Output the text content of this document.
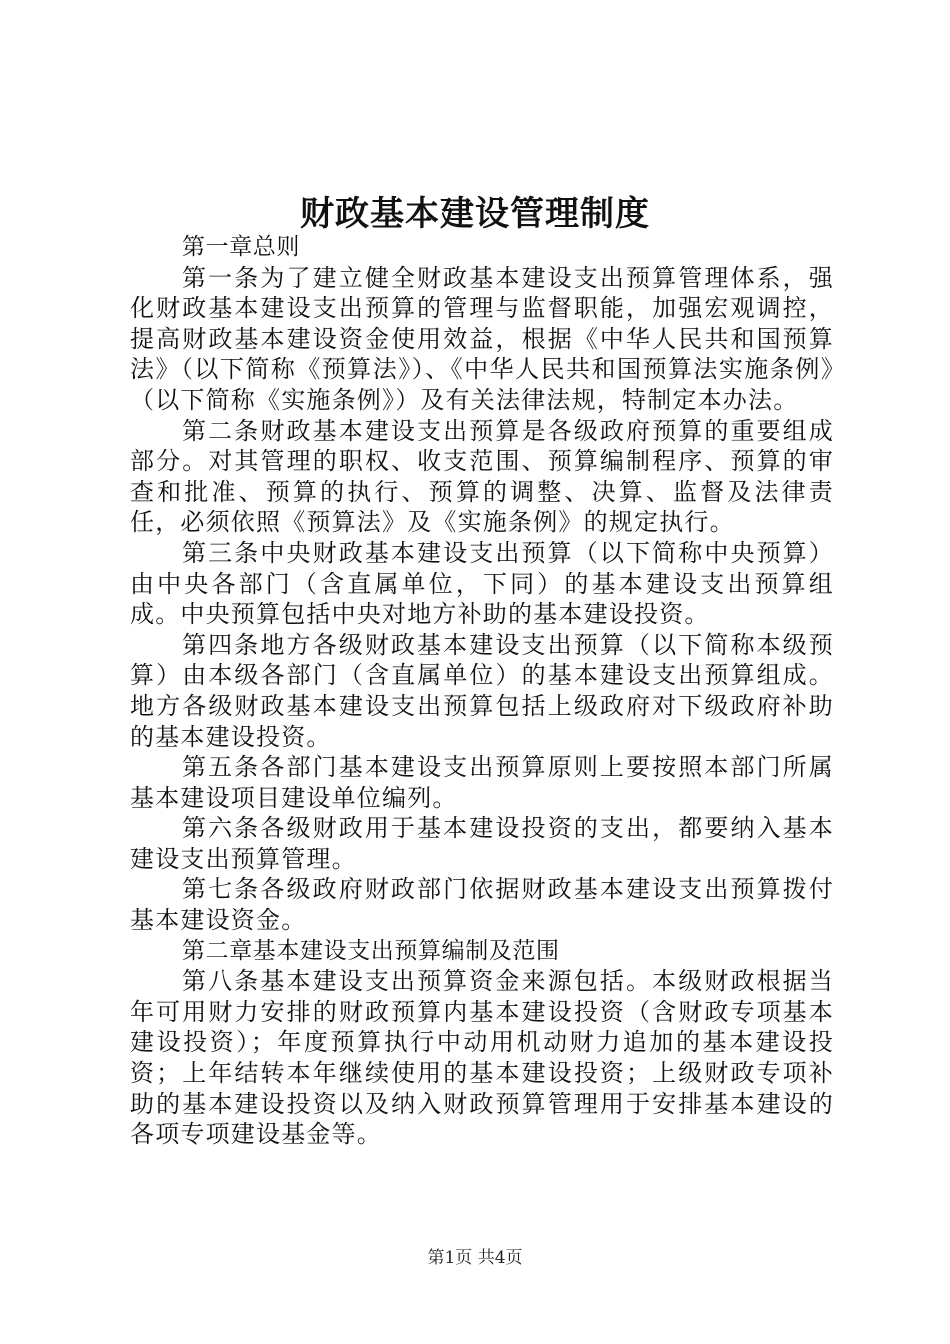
财政基本建设管理制度

第一章总则

第一条为了建立健全财政基本建设支出预算管理体系，强化财政基本建设支出预算的管理与监督职能，加强宏观调控，提高财政基本建设资金使用效益，根据《中华人民共和国预算法》（以下简称《预算法》）、《中华人民共和国预算法实施条例》（以下简称《实施条例》）及有关法律法规，特制定本办法。

第二条财政基本建设支出预算是各级政府预算的重要组成部分。对其管理的职权、收支范围、预算编制程序、预算的审查和批准、预算的执行、预算的调整、决算、监督及法律责任，必须依照《预算法》及《实施条例》的规定执行。

第三条中央财政基本建设支出预算（以下简称中央预算）由中央各部门（含直属单位，下同）的基本建设支出预算组成。中央预算包括中央对地方补助的基本建设投资。

第四条地方各级财政基本建设支出预算（以下简称本级预算）由本级各部门（含直属单位）的基本建设支出预算组成。地方各级财政基本建设支出预算包括上级政府对下级政府补助的基本建设投资。

第五条各部门基本建设支出预算原则上要按照本部门所属基本建设项目建设单位编列。

第六条各级财政用于基本建设投资的支出，都要纳入基本建设支出预算管理。

第七条各级政府财政部门依据财政基本建设支出预算拨付基本建设资金。

第二章基本建设支出预算编制及范围

第八条基本建设支出预算资金来源包括。本级财政根据当年可用财力安排的财政预算内基本建设投资（含财政专项基本建设投资）；年度预算执行中动用机动财力追加的基本建设投资；上年结转本年继续使用的基本建设投资；上级财政专项补助的基本建设投资以及纳入财政预算管理用于安排基本建设的各项专项建设基金等。

第1页 共4页
